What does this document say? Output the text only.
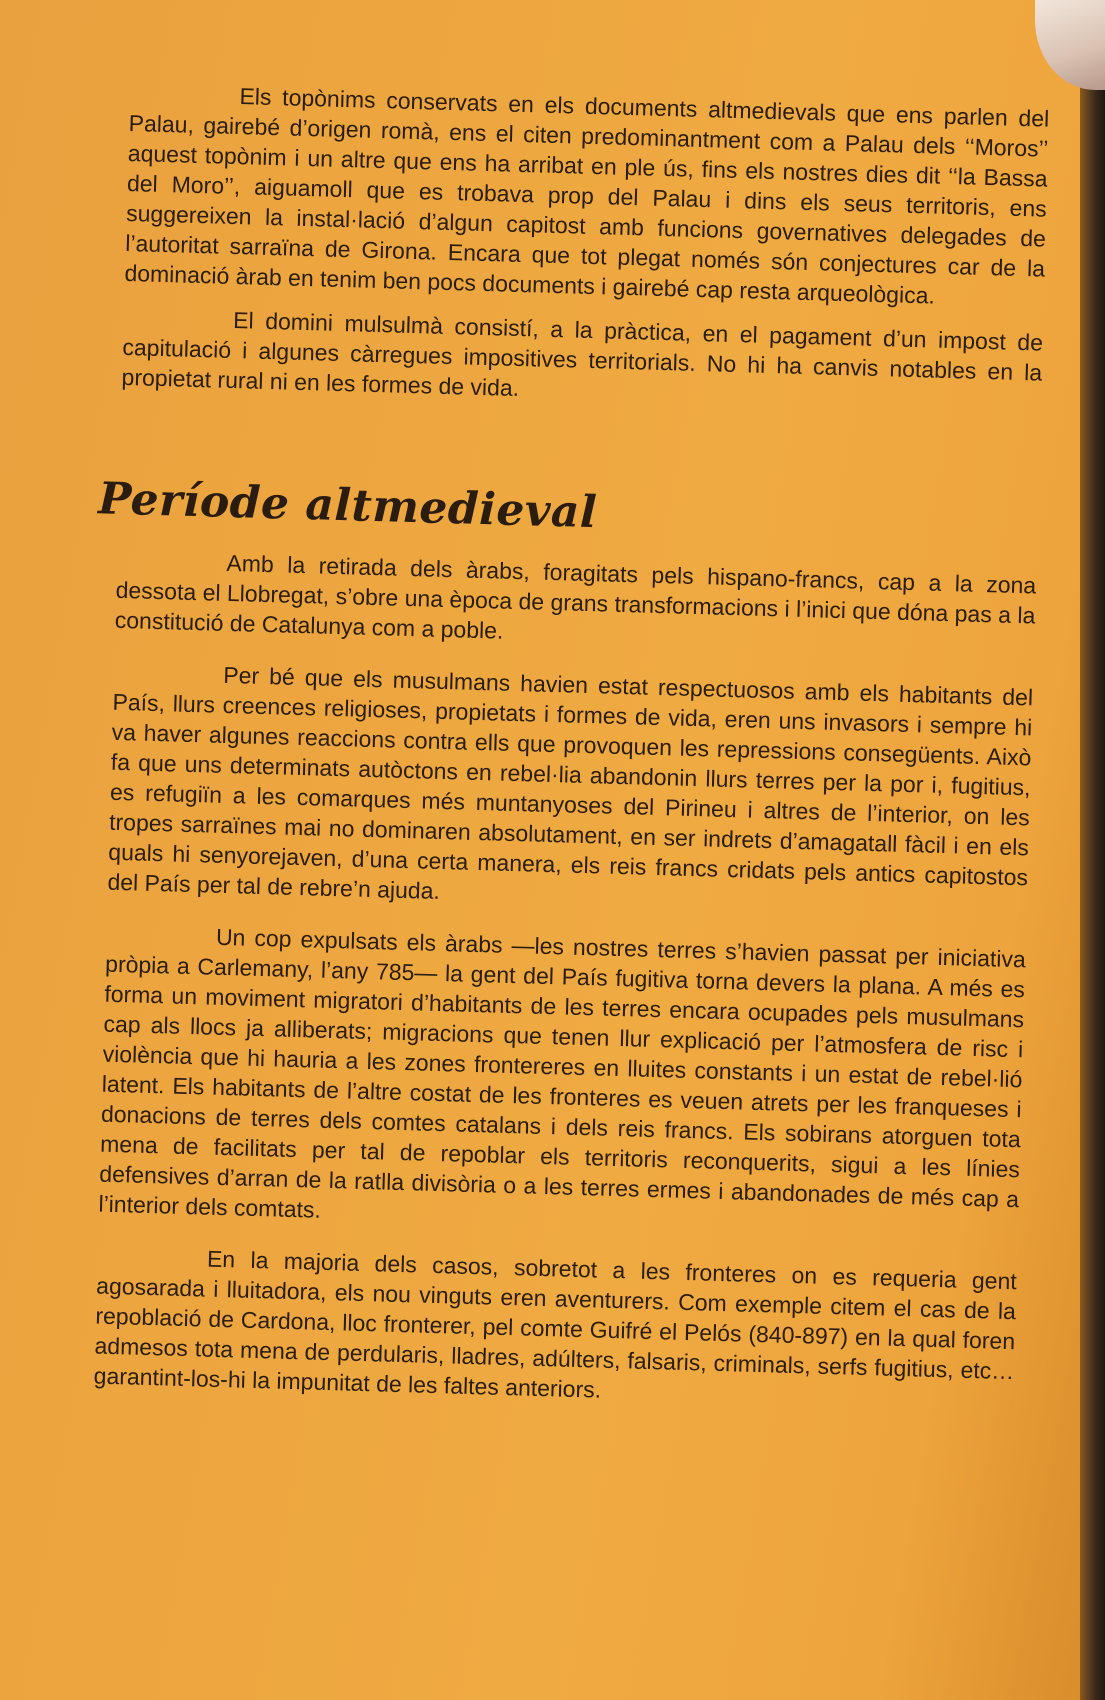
Els topònims conservats en els documents altmedievals que ens parlen del Palau, gairebé d’origen romà, ens el citen predominantment com a Palau dels ‘‘Moros’’ aquest topònim i un altre que ens ha arribat en ple ús, fins els nostres dies dit ‘‘la Bassa del Moro’’, aiguamoll que es trobava prop del Palau i dins els seus territoris, ens suggereixen la instal·lació d’algun capitost amb funcions governatives delegades de l’autoritat sarraïna de Girona. Encara que tot plegat només són conjectures car de la dominació àrab en tenim ben pocs documents i gairebé cap resta arqueològica.

El domini mulsulmà consistí, a la pràctica, en el pagament d’un impost de capitulació i algunes càrregues impositives territorials. No hi ha canvis notables en la propietat rural ni en les formes de vida.

Període altmedieval

Amb la retirada dels àrabs, foragitats pels hispano-francs, cap a la zona dessota el Llobregat, s’obre una època de grans transformacions i l’inici que dóna pas a la constitució de Catalunya com a poble.

Per bé que els musulmans havien estat respectuosos amb els habitants del País, llurs creences religioses, propietats i formes de vida, eren uns invasors i sempre hi va haver algunes reaccions contra ells que provoquen les repressions consegüents. Això fa que uns determinats autòctons en rebel·lia abandonin llurs terres per la por i, fugitius, es refugiïn a les comarques més muntanyoses del Pirineu i altres de l’interior, on les tropes sarraïnes mai no dominaren absolutament, en ser indrets d’amagatall fàcil i en els quals hi senyorejaven, d’una certa manera, els reis francs cridats pels antics capitostos del País per tal de rebre’n ajuda.

Un cop expulsats els àrabs —les nostres terres s’havien passat per iniciativa pròpia a Carlemany, l’any 785— la gent del País fugitiva torna devers la plana. A més es forma un moviment migratori d’habitants de les terres encara ocupades pels musulmans cap als llocs ja alliberats; migracions que tenen llur explicació per l’atmosfera de risc i violència que hi hauria a les zones frontereres en lluites constants i un estat de rebel·lió latent. Els habitants de l’altre costat de les fronteres es veuen atrets per les franqueses i donacions de terres dels comtes catalans i dels reis francs. Els sobirans atorguen tota mena de facilitats per tal de repoblar els territoris reconquerits, sigui a les línies defensives d’arran de la ratlla divisòria o a les terres ermes i abandonades de més cap a l’interior dels comtats.

En la majoria dels casos, sobretot a les fronteres on es requeria gent agosarada i lluitadora, els nou vinguts eren aventurers. Com exemple citem el cas de la repoblació de Cardona, lloc fronterer, pel comte Guifré el Pelós (840-897) en la qual foren admesos tota mena de perdularis, lladres, adúlters, falsaris, criminals, serfs fugitius, etc… garantint-los-hi la impunitat de les faltes anteriors.
